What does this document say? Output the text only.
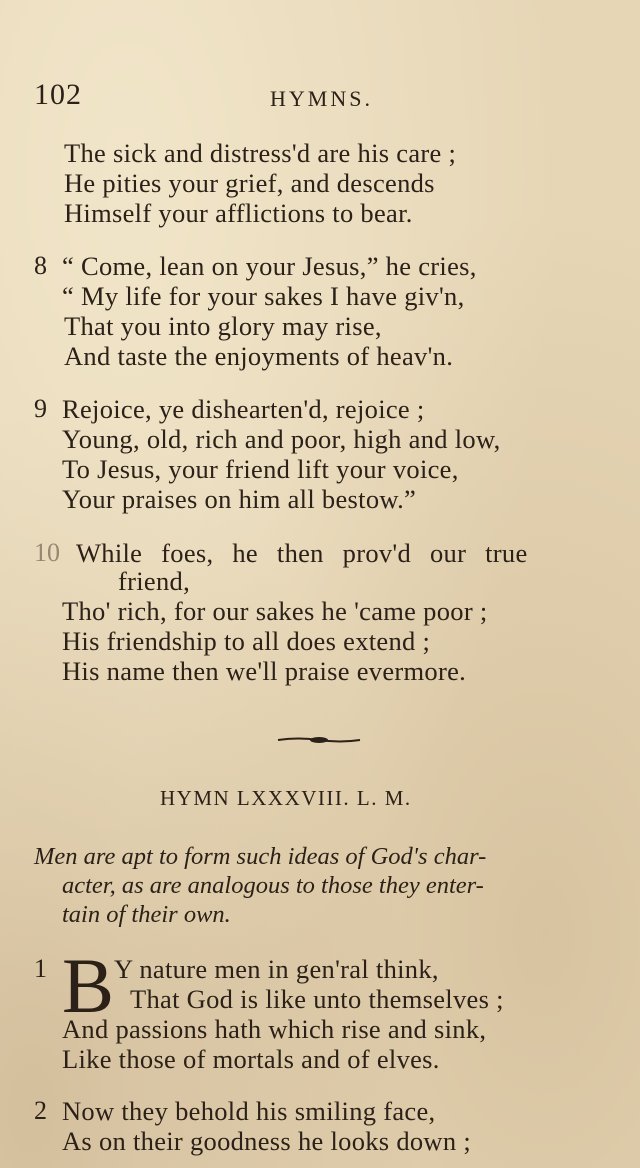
102	HYMNS.
The sick and distress'd are his care ;
He pities your grief, and descends
Himself your afflictions to bear.
8 “ Come, lean on your Jesus,” he cries,
“ My life for your sakes I have giv'n,
That you into glory may rise,
And taste the enjoyments of heav'n.
9 Rejoice, ye dishearten'd, rejoice ;
Young, old, rich and poor, high and low,
To Jesus, your friend lift your voice,
Your praises on him all bestow.”
10 While foes, he then prov'd our true
friend,
Tho' rich, for our sakes he 'came poor ;
His friendship to all does extend ;
His name then we'll praise evermore.
HYMN LXXXVIII. L. M.
Men are apt to form such ideas of God's char-
acter, as are analogous to those they enter-
tain of their own.
1 B Y nature men in gen'ral think,
That God is like unto themselves ;
And passions hath which rise and sink,
Like those of mortals and of elves.
2 Now they behold his smiling face,
As on their goodness he looks down ;
